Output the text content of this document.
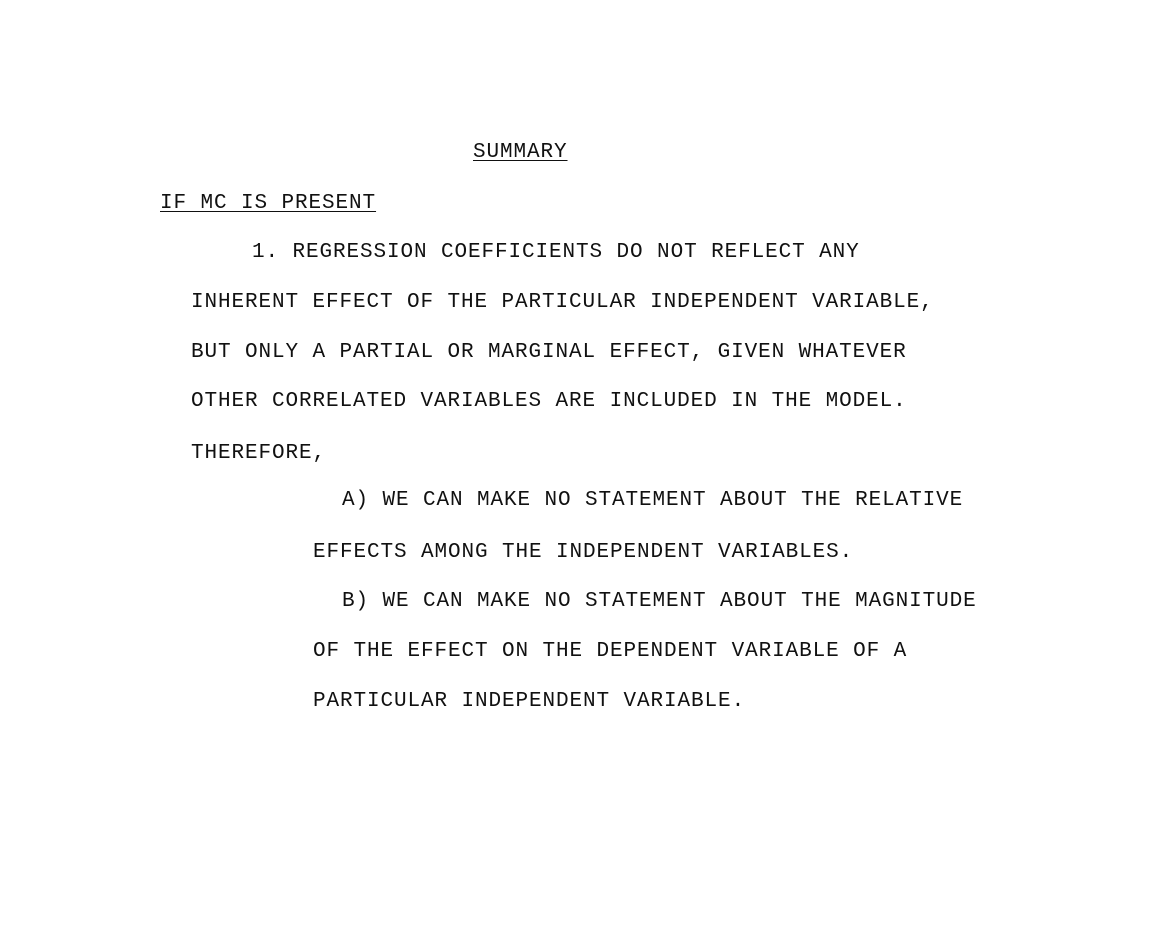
SUMMARY
IF MC IS PRESENT
1. REGRESSION COEFFICIENTS DO NOT REFLECT ANY
INHERENT EFFECT OF THE PARTICULAR INDEPENDENT VARIABLE,
BUT ONLY A PARTIAL OR MARGINAL EFFECT, GIVEN WHATEVER
OTHER CORRELATED VARIABLES ARE INCLUDED IN THE MODEL.
THEREFORE,
A) WE CAN MAKE NO STATEMENT ABOUT THE RELATIVE
EFFECTS AMONG THE INDEPENDENT VARIABLES.
B) WE CAN MAKE NO STATEMENT ABOUT THE MAGNITUDE
OF THE EFFECT ON THE DEPENDENT VARIABLE OF A
PARTICULAR INDEPENDENT VARIABLE.
